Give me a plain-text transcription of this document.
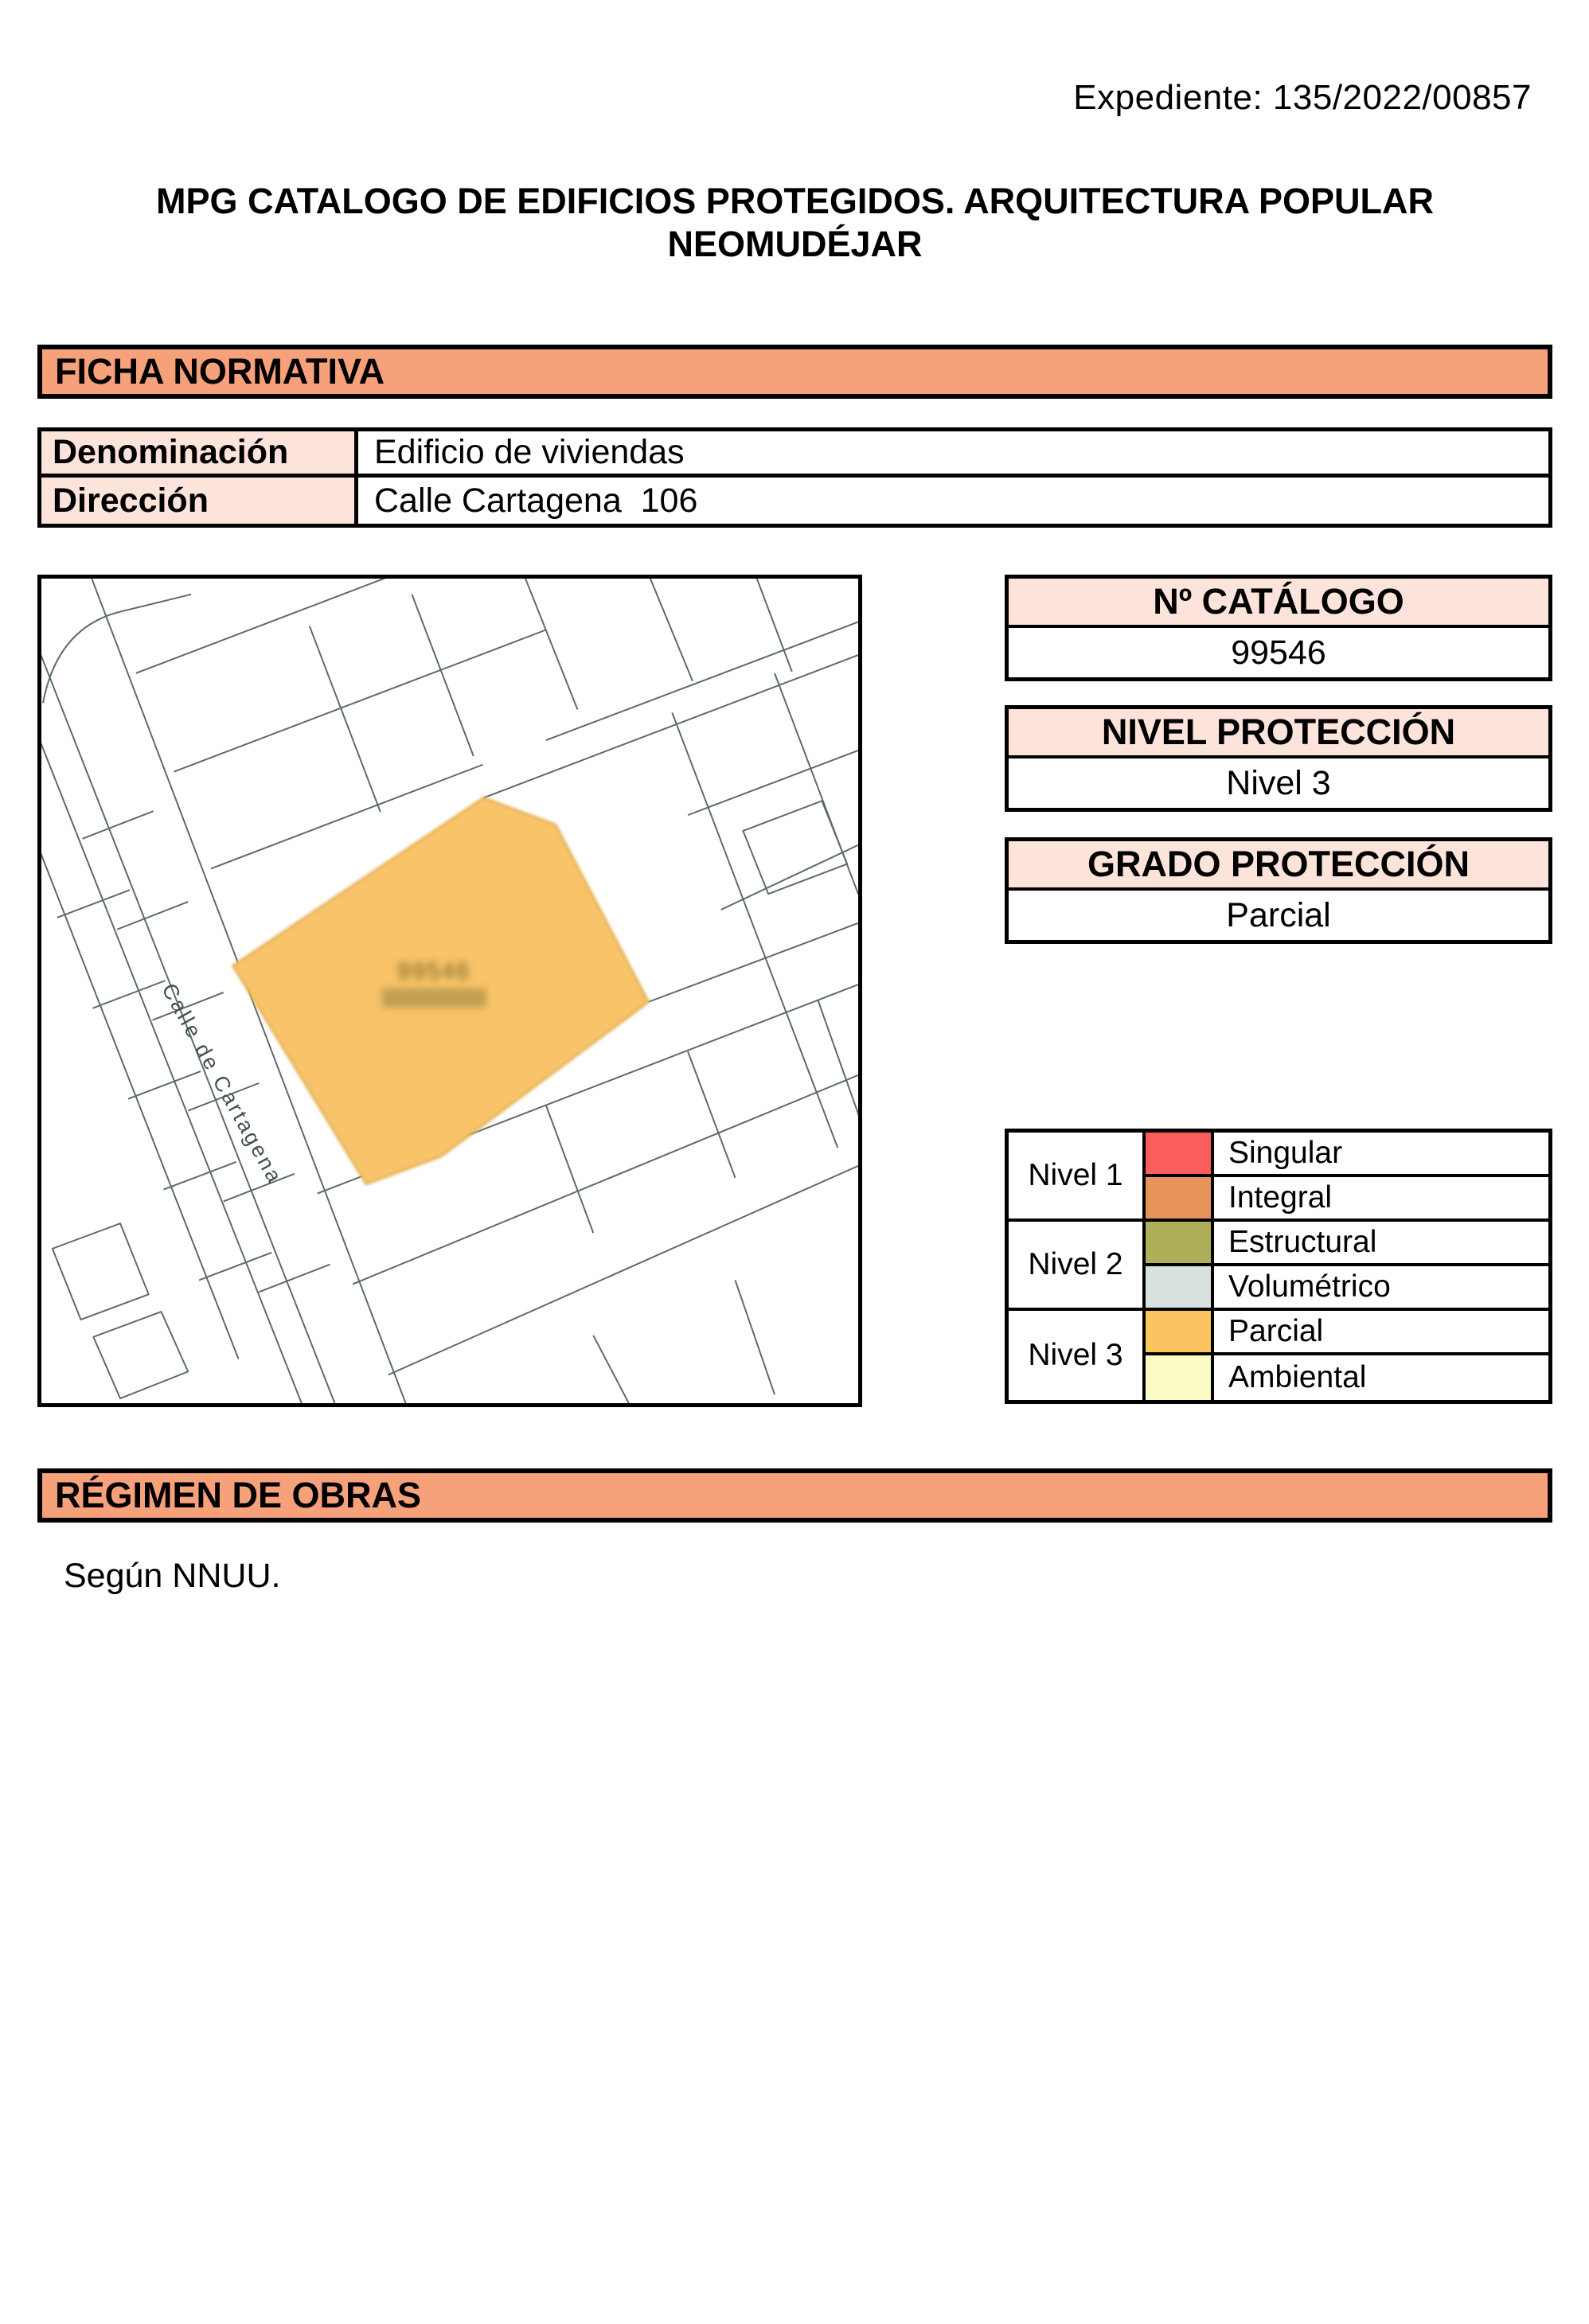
Expediente: 135/2022/00857
MPG CATALOGO DE EDIFICIOS PROTEGIDOS. ARQUITECTURA POPULAR
NEOMUDÉJAR
FICHA NORMATIVA
Denominación	Edificio de viviendas
Dirección	Calle Cartagena  106
99546
Calle de Cartagena
Nº CATÁLOGO
99546
NIVEL PROTECCIÓN
Nivel 3
GRADO PROTECCIÓN
Parcial
Nivel 1
Singular
Integral
Nivel 2
Estructural
Volumétrico
Nivel 3
Parcial
Ambiental
RÉGIMEN DE OBRAS
Según NNUU.
